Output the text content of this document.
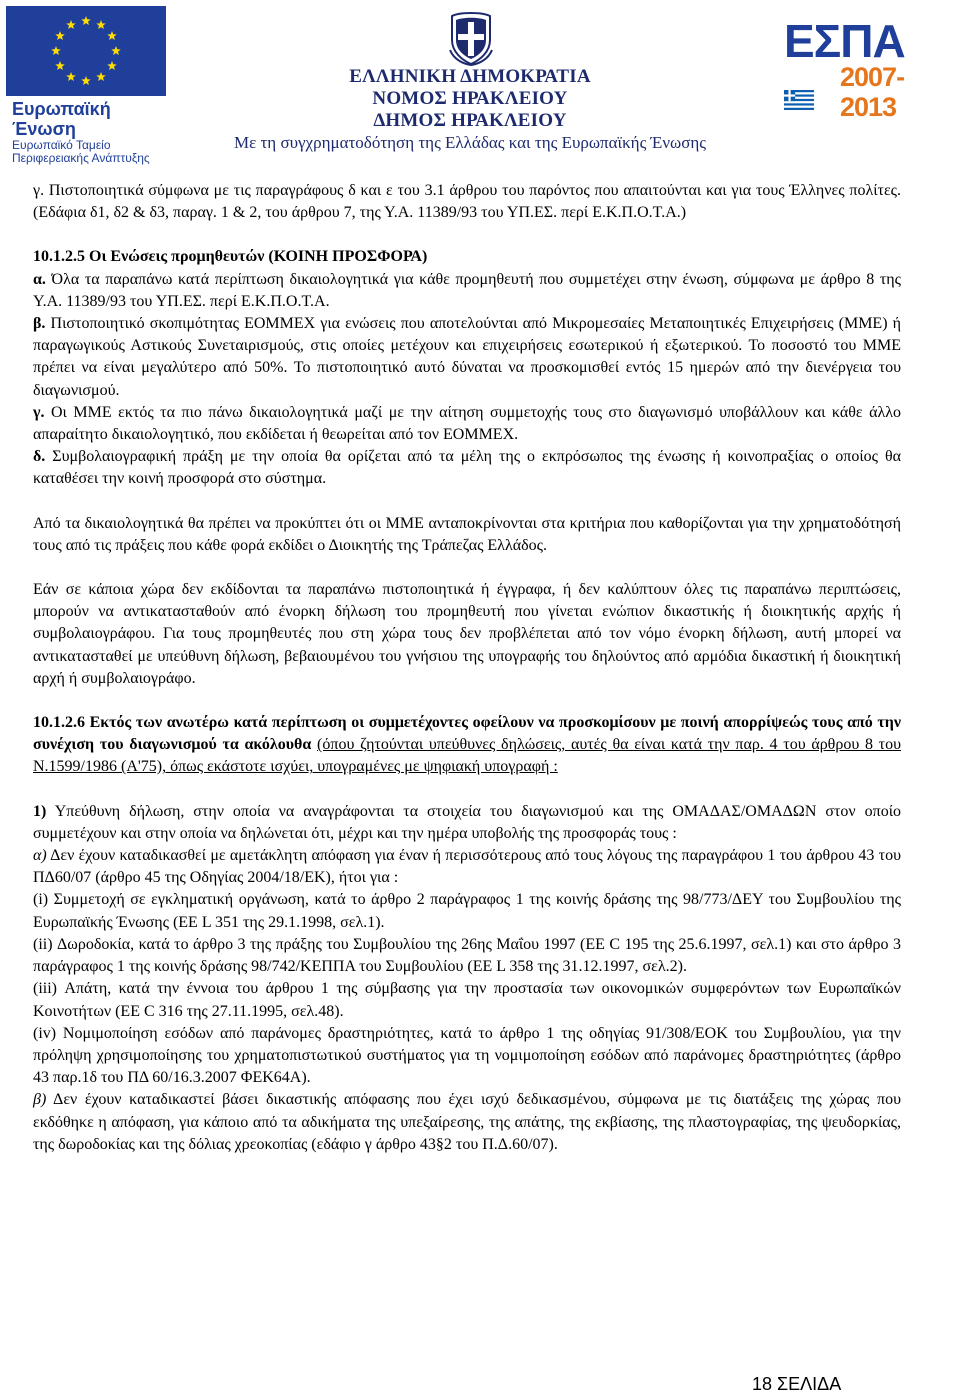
Ευρωπαϊκή Ένωση
Ευρωπαϊκό Ταμείο
Περιφερειακής Ανάπτυξης
ΕΛΛΗΝΙΚΗ ΔΗΜΟΚΡΑΤΙΑ
ΝΟΜΟΣ ΗΡΑΚΛΕΙΟΥ
ΔΗΜΟΣ ΗΡΑΚΛΕΙΟΥ
Με τη συγχρηματοδότηση της Ελλάδας και της Ευρωπαϊκής Ένωσης
ΕΣΠΑ
2007-2013

γ. Πιστοποιητικά σύμφωνα με τις παραγράφους δ και ε του 3.1 άρθρου του παρόντος που απαιτούνται και για τους Έλληνες πολίτες. (Εδάφια δ1, δ2 & δ3, παραγ. 1 & 2, του άρθρου 7, της Υ.Α. 11389/93 του ΥΠ.ΕΣ. περί Ε.Κ.Π.Ο.Τ.Α.)

10.1.2.5 Οι Ενώσεις προμηθευτών (ΚΟΙΝΗ ΠΡΟΣΦΟΡΑ)

α. Όλα τα παραπάνω κατά περίπτωση δικαιολογητικά για κάθε προμηθευτή που συμμετέχει στην ένωση, σύμφωνα με άρθρο 8 της Υ.Α. 11389/93 του ΥΠ.ΕΣ. περί Ε.Κ.Π.Ο.Τ.Α.

β. Πιστοποιητικό σκοπιμότητας ΕΟΜΜΕΧ για ενώσεις που αποτελούνται από Μικρομεσαίες Μεταποιητικές Επιχειρήσεις (ΜΜΕ) ή παραγωγικούς Αστικούς Συνεταιρισμούς, στις οποίες μετέχουν και επιχειρήσεις εσωτερικού ή εξωτερικού. Το ποσοστό του ΜΜΕ πρέπει να είναι μεγαλύτερο από 50%. Το πιστοποιητικό αυτό δύναται να προσκομισθεί εντός 15 ημερών από την διενέργεια του διαγωνισμού.

γ. Οι ΜΜΕ εκτός τα πιο πάνω δικαιολογητικά μαζί με την αίτηση συμμετοχής τους στο διαγωνισμό υποβάλλουν και κάθε άλλο απαραίτητο δικαιολογητικό, που εκδίδεται ή θεωρείται από τον ΕΟΜΜΕΧ.

δ. Συμβολαιογραφική πράξη με την οποία θα ορίζεται από τα μέλη της ο εκπρόσωπος της ένωσης ή κοινοπραξίας ο οποίος θα καταθέσει την κοινή προσφορά στο σύστημα.

Από τα δικαιολογητικά θα πρέπει να προκύπτει ότι οι ΜΜΕ ανταποκρίνονται στα κριτήρια που καθορίζονται για την χρηματοδότησή τους από τις πράξεις που κάθε φορά εκδίδει ο Διοικητής της Τράπεζας Ελλάδος.

Εάν σε κάποια χώρα δεν εκδίδονται τα παραπάνω πιστοποιητικά ή έγγραφα, ή δεν καλύπτουν όλες τις παραπάνω περιπτώσεις, μπορούν να αντικατασταθούν από ένορκη δήλωση του προμηθευτή που γίνεται ενώπιον δικαστικής ή διοικητικής αρχής ή συμβολαιογράφου. Για τους προμηθευτές που στη χώρα τους δεν προβλέπεται από τον νόμο ένορκη δήλωση, αυτή μπορεί να αντικατασταθεί με υπεύθυνη δήλωση, βεβαιουμένου του γνήσιου της υπογραφής του δηλούντος από αρμόδια δικαστική ή διοικητική αρχή ή συμβολαιογράφο.

10.1.2.6 Εκτός των ανωτέρω κατά περίπτωση οι συμμετέχοντες οφείλουν να προσκομίσουν με ποινή απορρίψεώς τους από την συνέχιση του διαγωνισμού τα ακόλουθα (όπου ζητούνται υπεύθυνες δηλώσεις, αυτές θα είναι κατά την παρ. 4 του άρθρου 8 του Ν.1599/1986 (Α'75), όπως εκάστοτε ισχύει, υπογραμένες με ψηφιακή υπογραφή :

1) Υπεύθυνη δήλωση, στην οποία να αναγράφονται τα στοιχεία του διαγωνισμού και της ΟΜΑΔΑΣ/ΟΜΑΔΩΝ στον οποίο συμμετέχουν και στην οποία να δηλώνεται ότι, μέχρι και την ημέρα υποβολής της προσφοράς τους :

α) Δεν έχουν καταδικασθεί με αμετάκλητη απόφαση για έναν ή περισσότερους από τους λόγους της παραγράφου 1 του άρθρου 43 του ΠΔ60/07 (άρθρο 45 της Οδηγίας 2004/18/ΕΚ), ήτοι για :

(i) Συμμετοχή σε εγκληματική οργάνωση, κατά το άρθρο 2 παράγραφος 1 της κοινής δράσης της 98/773/ΔΕΥ του Συμβουλίου της Ευρωπαϊκής Ένωσης (ΕΕ L 351 της 29.1.1998, σελ.1).

(ii) Δωροδοκία, κατά το άρθρο 3 της πράξης του Συμβουλίου της 26ης Μαΐου 1997 (ΕΕ C 195 της 25.6.1997, σελ.1) και στο άρθρο 3 παράγραφος 1 της κοινής δράσης 98/742/ΚΕΠΠΑ του Συμβουλίου (ΕΕ L 358 της 31.12.1997, σελ.2).

(iii) Απάτη, κατά την έννοια του άρθρου 1 της σύμβασης για την προστασία των οικονομικών συμφερόντων των Ευρωπαϊκών Κοινοτήτων (ΕΕ C 316 της 27.11.1995, σελ.48).

(iv) Νομιμοποίηση εσόδων από παράνομες δραστηριότητες, κατά το άρθρο 1 της οδηγίας 91/308/ΕΟΚ του Συμβουλίου, για την πρόληψη χρησιμοποίησης του χρηματοπιστωτικού συστήματος για τη νομιμοποίηση εσόδων από παράνομες δραστηριότητες (άρθρο 43 παρ.1δ του ΠΔ 60/16.3.2007 ΦΕΚ64Α).

β) Δεν έχουν καταδικαστεί βάσει δικαστικής απόφασης που έχει ισχύ δεδικασμένου, σύμφωνα με τις διατάξεις της χώρας που εκδόθηκε η απόφαση, για κάποιο από τα αδικήματα της υπεξαίρεσης, της απάτης, της εκβίασης, της πλαστογραφίας, της ψευδορκίας, της δωροδοκίας και της δόλιας χρεοκοπίας (εδάφιο γ άρθρο 43§2 του Π.Δ.60/07).

18 ΣΕΛΙΔΑ
